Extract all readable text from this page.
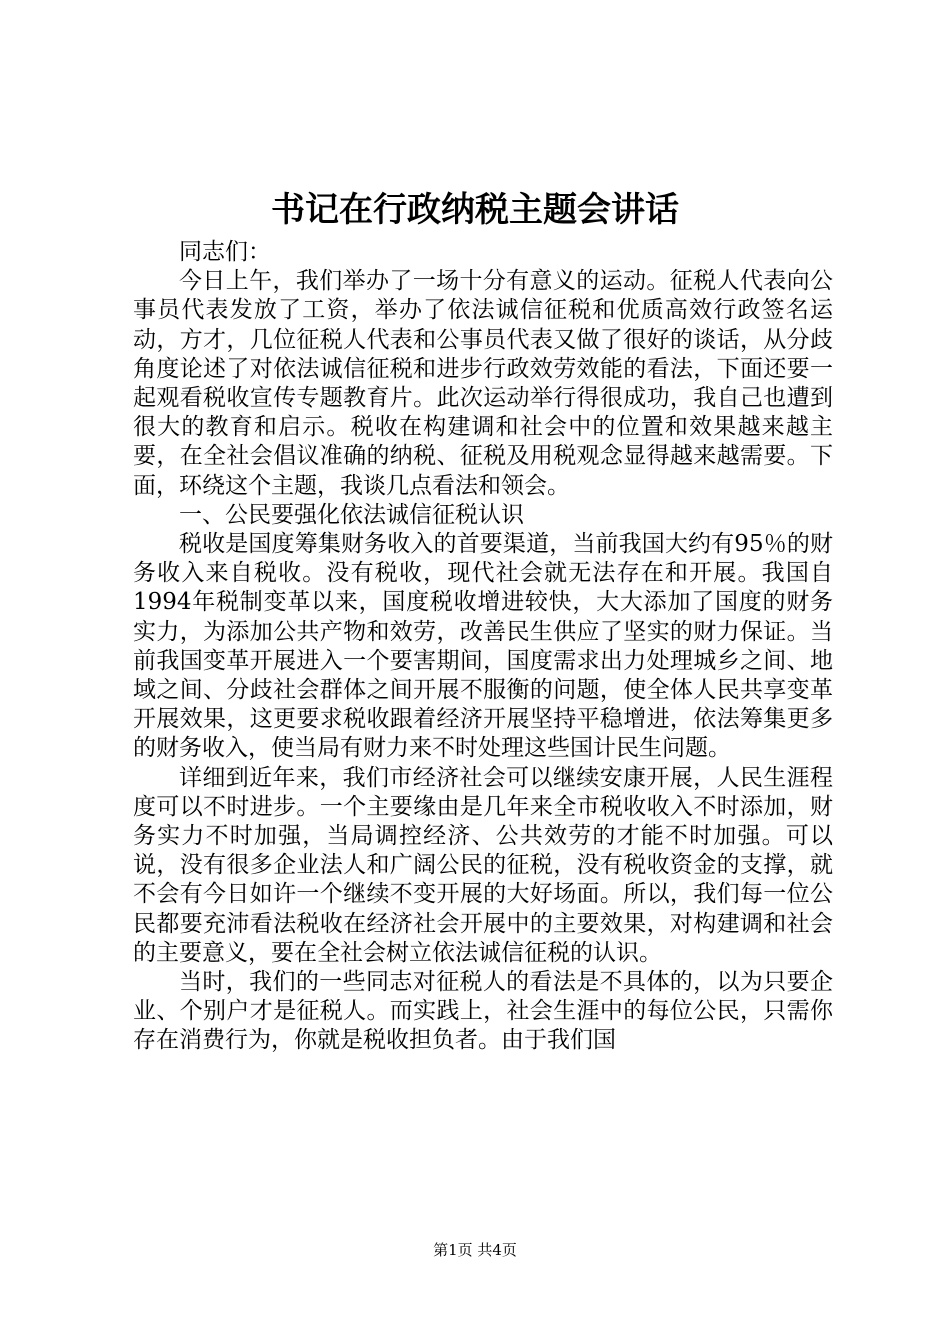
书记在行政纳税主题会讲话

同志们：

今日上午，我们举办了一场十分有意义的运动。征税人代表向公事员代表发放了工资，举办了依法诚信征税和优质高效行政签名运动，方才，几位征税人代表和公事员代表又做了很好的谈话，从分歧角度论述了对依法诚信征税和进步行政效劳效能的看法，下面还要一起观看税收宣传专题教育片。此次运动举行得很成功，我自己也遭到很大的教育和启示。税收在构建调和社会中的位置和效果越来越主要，在全社会倡议准确的纳税、征税及用税观念显得越来越需要。下面，环绕这个主题，我谈几点看法和领会。

一、公民要强化依法诚信征税认识

税收是国度筹集财务收入的首要渠道，当前我国大约有95％的财务收入来自税收。没有税收，现代社会就无法存在和开展。我国自1994年税制变革以来，国度税收增进较快，大大添加了国度的财务实力，为添加公共产物和效劳，改善民生供应了坚实的财力保证。当前我国变革开展进入一个要害期间，国度需求出力处理城乡之间、地域之间、分歧社会群体之间开展不服衡的问题，使全体人民共享变革开展效果，这更要求税收跟着经济开展坚持平稳增进，依法筹集更多的财务收入，使当局有财力来不时处理这些国计民生问题。

详细到近年来，我们市经济社会可以继续安康开展，人民生涯程度可以不时进步。一个主要缘由是几年来全市税收收入不时添加，财务实力不时加强，当局调控经济、公共效劳的才能不时加强。可以说，没有很多企业法人和广阔公民的征税，没有税收资金的支撑，就不会有今日如许一个继续不变开展的大好场面。所以，我们每一位公民都要充沛看法税收在经济社会开展中的主要效果，对构建调和社会的主要意义，要在全社会树立依法诚信征税的认识。

当时，我们的一些同志对征税人的看法是不具体的，以为只要企业、个别户才是征税人。而实践上，社会生涯中的每位公民，只需你存在消费行为，你就是税收担负者。由于我们国

第1页 共4页
